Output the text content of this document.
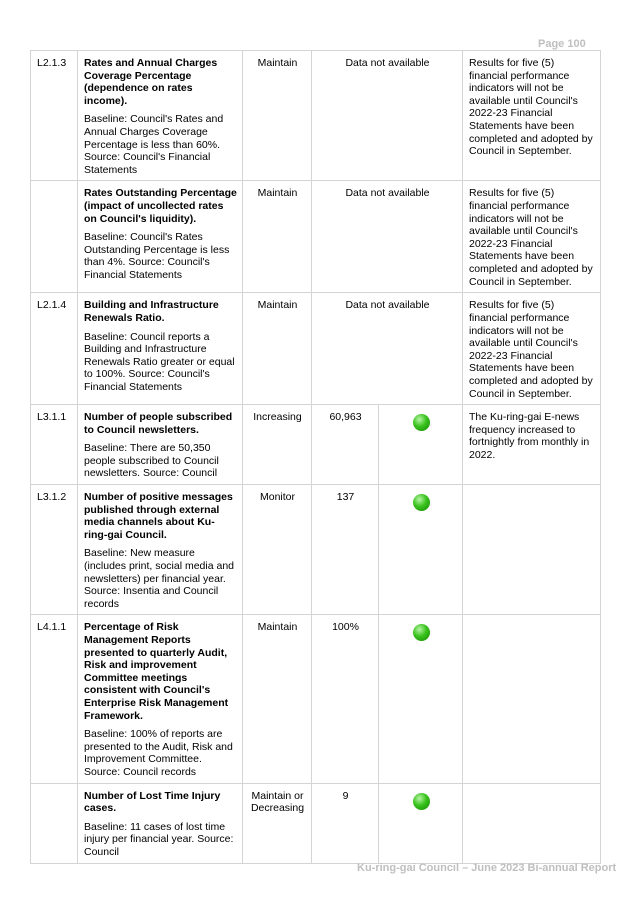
Page 100
L2.1.3	Rates and Annual Charges Coverage Percentage (dependence on rates income).

Baseline: Council's Rates and Annual Charges Coverage Percentage is less than 60%. Source: Council's Financial Statements	Maintain	Data not available		Results for five (5) financial performance indicators will not be available until Council's 2022-23 Financial Statements have been completed and adopted by Council in September.

	Rates Outstanding Percentage (impact of uncollected rates on Council's liquidity).

Baseline: Council's Rates Outstanding Percentage is less than 4%. Source: Council's Financial Statements	Maintain	Data not available		Results for five (5) financial performance indicators will not be available until Council's 2022-23 Financial Statements have been completed and adopted by Council in September.
L2.1.4	Building and Infrastructure Renewals Ratio.

Baseline: Council reports a Building and Infrastructure Renewals Ratio greater or equal to 100%. Source: Council's Financial Statements	Maintain	Data not available		Results for five (5) financial performance indicators will not be available until Council's 2022-23 Financial Statements have been completed and adopted by Council in September.
L3.1.1	Number of people subscribed to Council newsletters.

Baseline: There are 50,350 people subscribed to Council newsletters. Source: Council	Increasing	60,963		The Ku-ring-gai E-news frequency increased to fortnightly from monthly in 2022.
L3.1.2	Number of positive messages published through external media channels about Ku-ring-gai Council.

Baseline: New measure (includes print, social media and newsletters) per financial year. Source: Insentia and Council records	Monitor	137		
L4.1.1	Percentage of Risk Management Reports presented to quarterly Audit, Risk and improvement Committee meetings consistent with Council's Enterprise Risk Management Framework.

Baseline: 100% of reports are presented to the Audit, Risk and Improvement Committee. Source: Council records	Maintain	100%		

	Number of Lost Time Injury cases.

Baseline: 11 cases of lost time injury per financial year. Source: Council	Maintain or Decreasing	9		
Ku-ring-gai Council – June 2023 Bi-annual Report
